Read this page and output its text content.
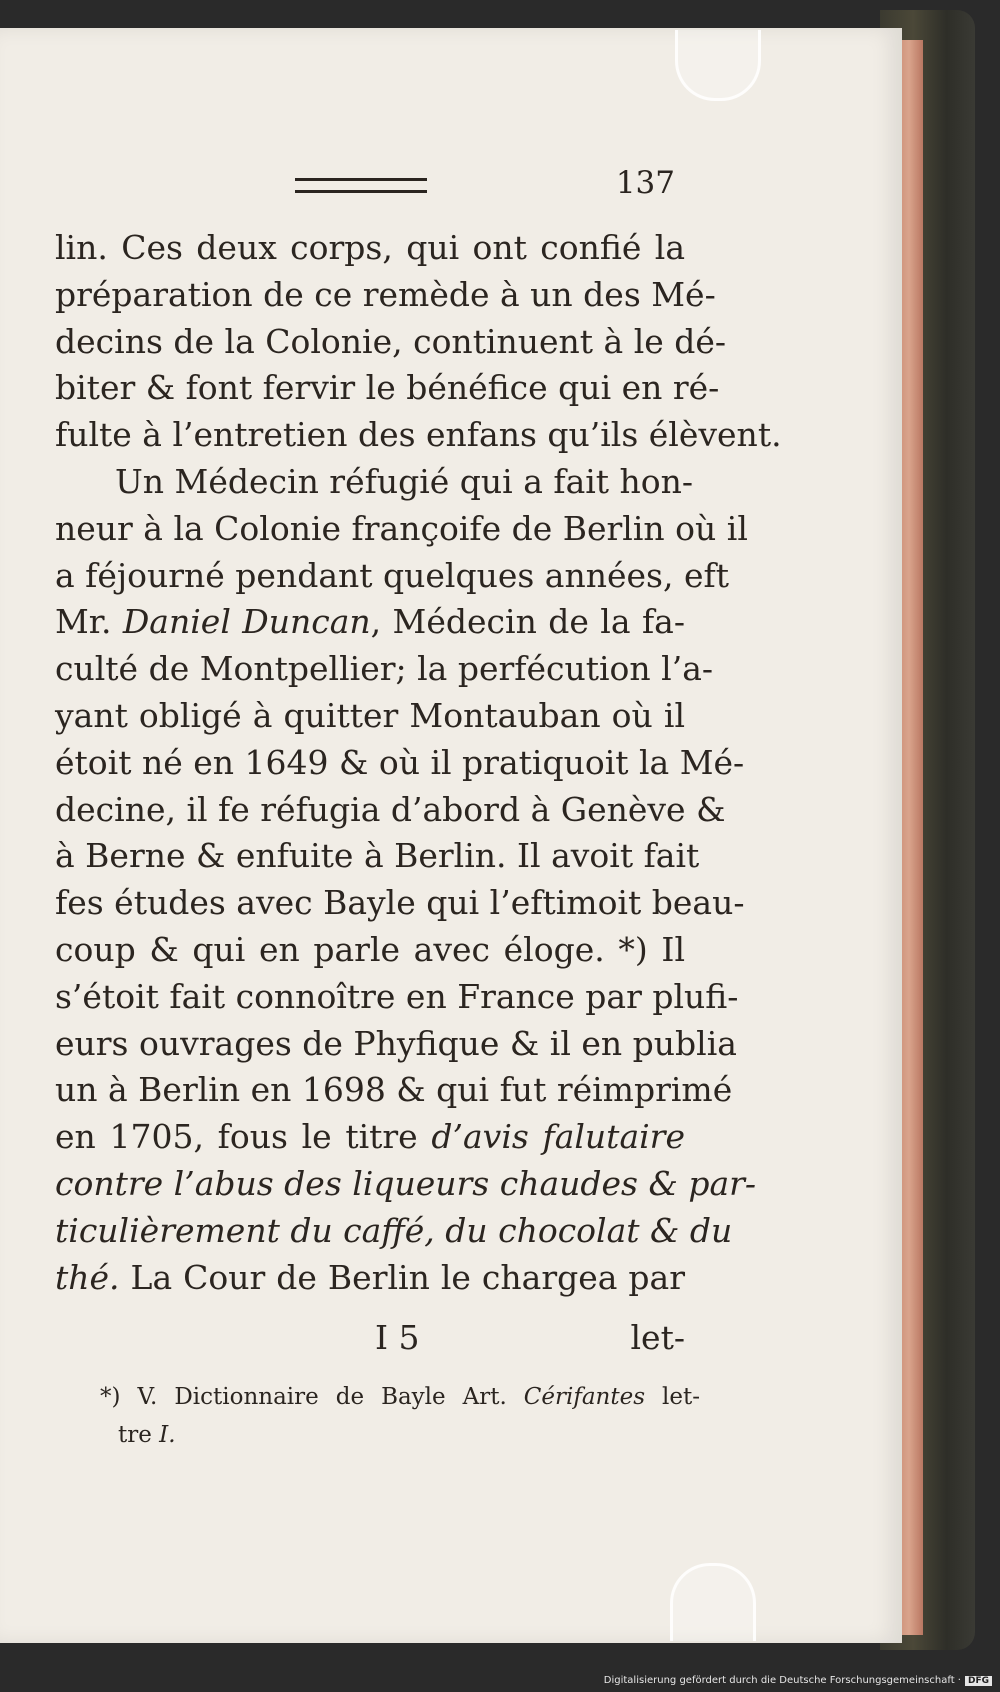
137
lin. Ces deux corps, qui ont confié la
préparation de ce remède à un des Mé-
decins de la Colonie, continuent à le dé-
biter & font fervir le bénéfice qui en ré-
fulte à l’entretien des enfans qu’ils élèvent.
Un Médecin réfugié qui a fait hon-
neur à la Colonie françoife de Berlin où il
a féjourné pendant quelques années, eft
Mr. Daniel Duncan, Médecin de la fa-
culté de Montpellier; la perfécution l’a-
yant obligé à quitter Montauban où il
étoit né en 1649 & où il pratiquoit la Mé-
decine, il fe réfugia d’abord à Genève &
à Berne & enfuite à Berlin. Il avoit fait
fes études avec Bayle qui l’eftimoit beau-
coup & qui en parle avec éloge. *) Il
s’étoit fait connoître en France par plufi-
eurs ouvrages de Phyfique & il en publia
un à Berlin en 1698 & qui fut réimprimé
en 1705, fous le titre d’avis falutaire
contre l’abus des liqueurs chaudes & par-
ticulièrement du caffé, du chocolat & du
thé. La Cour de Berlin le chargea par
I 5	let-
*) V. Dictionnaire de Bayle Art. Cérifantes let-
tre I.
Digitalisierung gefördert durch die Deutsche Forschungsgemeinschaft · DFG
